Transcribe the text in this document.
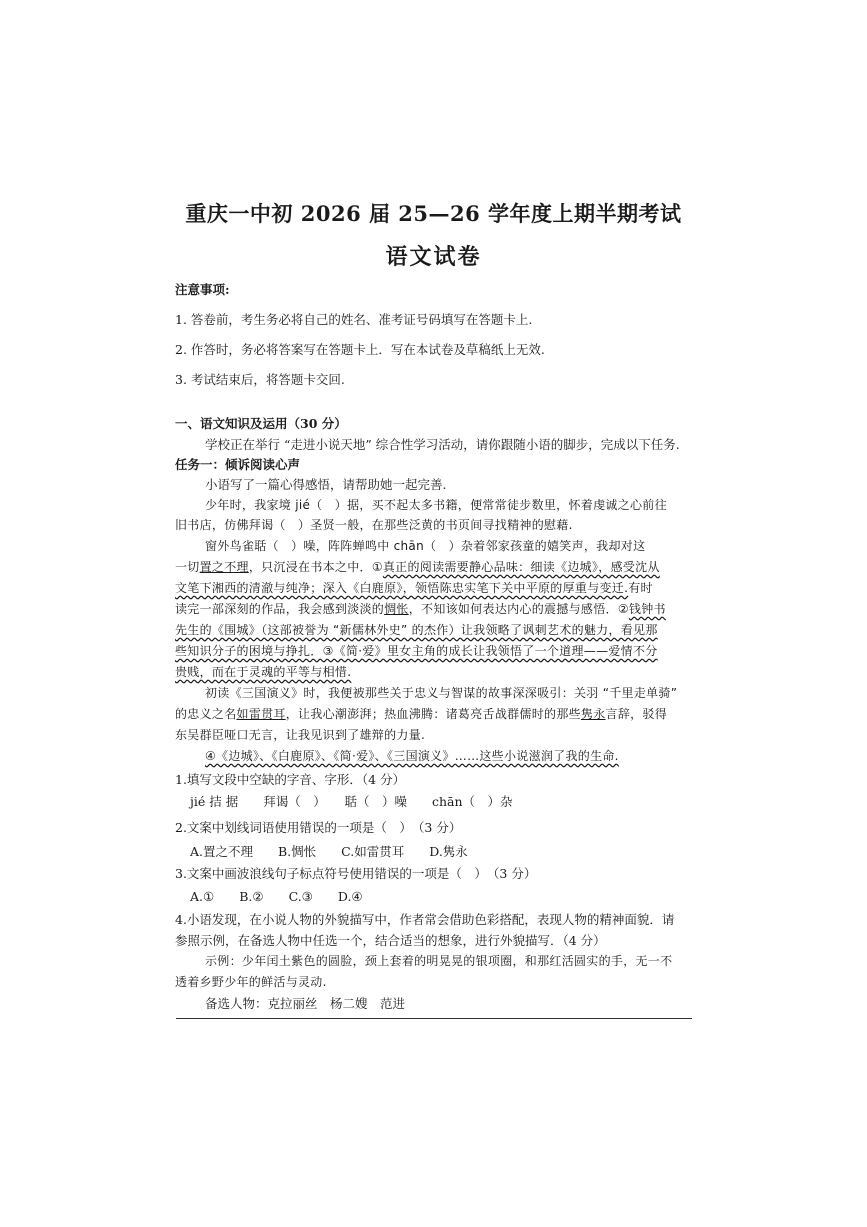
重庆一中初 2026 届 25—26 学年度上期半期考试
语文试卷
注意事项:
1. 答卷前，考生务必将自己的姓名、准考证号码填写在答题卡上.
2. 作答时，务必将答案写在答题卡上．写在本试卷及草稿纸上无效.
3. 考试结束后，将答题卡交回.
一、语文知识及运用（30 分）
学校正在举行 “走进小说天地” 综合性学习活动，请你跟随小语的脚步，完成以下任务.
任务一：倾诉阅读心声
小语写了一篇心得感悟，请帮助她一起完善.
少年时，我家境 jié（　）据，买不起太多书籍，便常常徒步数里，怀着虔诚之心前往
旧书店，仿佛拜谒（　）圣贤一般，在那些泛黄的书页间寻找精神的慰藉.
窗外鸟雀聒（　）噪，阵阵蝉鸣中 chān（　）杂着邻家孩童的嬉笑声，我却对这
一切置之不理，只沉浸在书本之中．①真正的阅读需要静心品味：细读《边城》，感受沈从
文笔下湘西的清澈与纯净；深入《白鹿原》，领悟陈忠实笔下关中平原的厚重与变迁.有时
读完一部深刻的作品，我会感到淡淡的惆怅，不知该如何表达内心的震撼与感悟．②钱钟书
先生的《围城》（这部被誉为 “新儒林外史” 的杰作）让我领略了讽刺艺术的魅力，看见那
些知识分子的困境与挣扎．③《简·爱》里女主角的成长让我领悟了一个道理——爱情不分
贵贱，而在于灵魂的平等与相惜.
初读《三国演义》时，我便被那些关于忠义与智谋的故事深深吸引：关羽 “千里走单骑”
的忠义之名如雷贯耳，让我心潮澎湃；热血沸腾：诸葛亮舌战群儒时的那些隽永言辞，驳得
东吴群臣哑口无言，让我见识到了雄辩的力量.
④《边城》、《白鹿原》、《简·爱》、《三国演义》……这些小说滋润了我的生命.
1.填写文段中空缺的字音、字形．（4 分）
jié 拮 据　　拜谒（　）　　聒（　）噪　　chān（　）杂
2.文案中划线词语使用错误的一项是（　）　（3 分）
A.置之不理　　B.惆怅　　C.如雷贯耳　　D.隽永
3.文案中画波浪线句子标点符号使用错误的一项是（　）　（3 分）
A.①　　B.②　　C.③　　D.④
4.小语发现，在小说人物的外貌描写中，作者常会借助色彩搭配，表现人物的精神面貌．请
参照示例，在备选人物中任选一个，结合适当的想象，进行外貌描写．（4 分）
示例：少年闰土紫色的圆脸，颈上套着的明晃晃的银项圈，和那红活圆实的手，无一不
透着乡野少年的鲜活与灵动.
备选人物：克拉丽丝　杨二嫂　范进
